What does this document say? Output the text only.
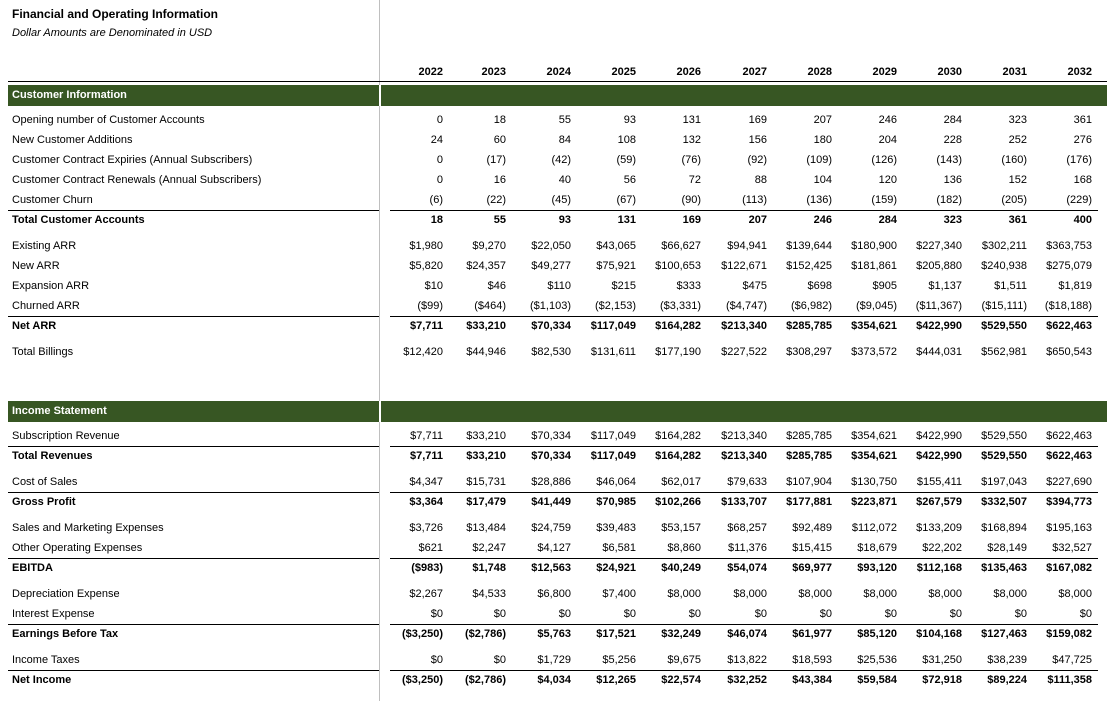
Financial and Operating Information
Dollar Amounts are Denominated in USD
2022	2023	2024	2025	2026	2027	2028	2029	2030	2031	2032
Customer Information
Opening number of Customer Accounts	0	18	55	93	131	169	207	246	284	323	361
New Customer Additions	24	60	84	108	132	156	180	204	228	252	276
Customer Contract Expiries (Annual Subscribers)	0	(17)	(42)	(59)	(76)	(92)	(109)	(126)	(143)	(160)	(176)
Customer Contract Renewals (Annual Subscribers)	0	16	40	56	72	88	104	120	136	152	168
Customer Churn	(6)	(22)	(45)	(67)	(90)	(113)	(136)	(159)	(182)	(205)	(229)
Total Customer Accounts	18	55	93	131	169	207	246	284	323	361	400
Existing ARR	$1,980	$9,270	$22,050	$43,065	$66,627	$94,941	$139,644	$180,900	$227,340	$302,211	$363,753
New ARR	$5,820	$24,357	$49,277	$75,921	$100,653	$122,671	$152,425	$181,861	$205,880	$240,938	$275,079
Expansion ARR	$10	$46	$110	$215	$333	$475	$698	$905	$1,137	$1,511	$1,819
Churned ARR	($99)	($464)	($1,103)	($2,153)	($3,331)	($4,747)	($6,982)	($9,045)	($11,367)	($15,111)	($18,188)
Net ARR	$7,711	$33,210	$70,334	$117,049	$164,282	$213,340	$285,785	$354,621	$422,990	$529,550	$622,463
Total Billings	$12,420	$44,946	$82,530	$131,611	$177,190	$227,522	$308,297	$373,572	$444,031	$562,981	$650,543
Income Statement
Subscription Revenue	$7,711	$33,210	$70,334	$117,049	$164,282	$213,340	$285,785	$354,621	$422,990	$529,550	$622,463
Total Revenues	$7,711	$33,210	$70,334	$117,049	$164,282	$213,340	$285,785	$354,621	$422,990	$529,550	$622,463
Cost of Sales	$4,347	$15,731	$28,886	$46,064	$62,017	$79,633	$107,904	$130,750	$155,411	$197,043	$227,690
Gross Profit	$3,364	$17,479	$41,449	$70,985	$102,266	$133,707	$177,881	$223,871	$267,579	$332,507	$394,773
Sales and Marketing Expenses	$3,726	$13,484	$24,759	$39,483	$53,157	$68,257	$92,489	$112,072	$133,209	$168,894	$195,163
Other Operating Expenses	$621	$2,247	$4,127	$6,581	$8,860	$11,376	$15,415	$18,679	$22,202	$28,149	$32,527
EBITDA	($983)	$1,748	$12,563	$24,921	$40,249	$54,074	$69,977	$93,120	$112,168	$135,463	$167,082
Depreciation Expense	$2,267	$4,533	$6,800	$7,400	$8,000	$8,000	$8,000	$8,000	$8,000	$8,000	$8,000
Interest Expense	$0	$0	$0	$0	$0	$0	$0	$0	$0	$0	$0
Earnings Before Tax	($3,250)	($2,786)	$5,763	$17,521	$32,249	$46,074	$61,977	$85,120	$104,168	$127,463	$159,082
Income Taxes	$0	$0	$1,729	$5,256	$9,675	$13,822	$18,593	$25,536	$31,250	$38,239	$47,725
Net Income	($3,250)	($2,786)	$4,034	$12,265	$22,574	$32,252	$43,384	$59,584	$72,918	$89,224	$111,358
